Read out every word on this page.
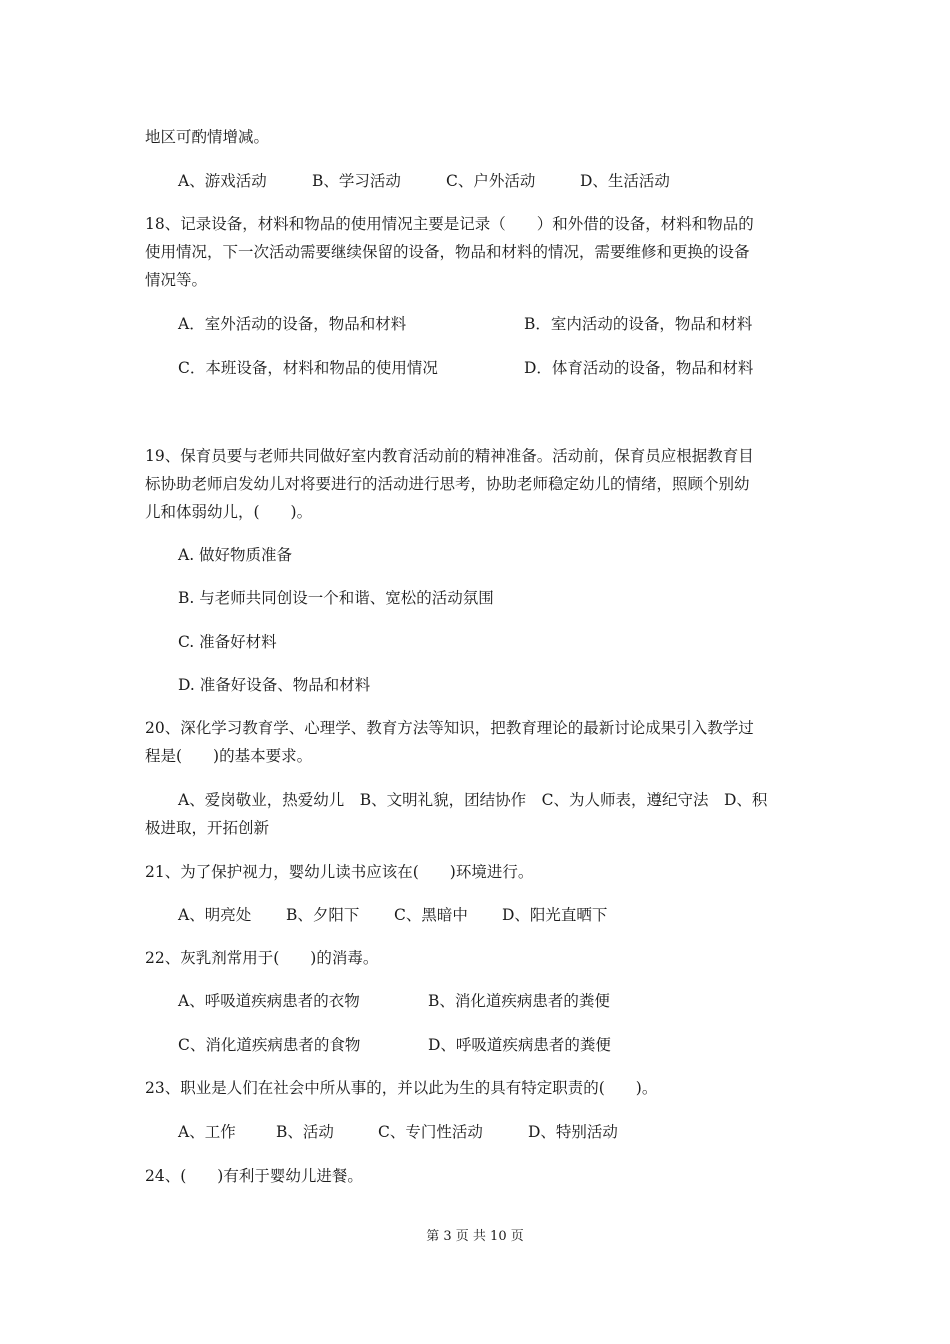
地区可酌情增减。
A、游戏活动	B、学习活动	C、户外活动	D、生活活动
18、记录设备，材料和物品的使用情况主要是记录（　　）和外借的设备，材料和物品的
使用情况，下一次活动需要继续保留的设备，物品和材料的情况，需要维修和更换的设备
情况等。
A．室外活动的设备，物品和材料	B．室内活动的设备，物品和材料
C．本班设备，材料和物品的使用情况	D．体育活动的设备，物品和材料
19、保育员要与老师共同做好室内教育活动前的精神准备。活动前，保育员应根据教育目
标协助老师启发幼儿对将要进行的活动进行思考，协助老师稳定幼儿的情绪，照顾个别幼
儿和体弱幼儿，(　　)。
A. 做好物质准备
B. 与老师共同创设一个和谐、宽松的活动氛围
C. 准备好材料
D. 准备好设备、物品和材料
20、深化学习教育学、心理学、教育方法等知识，把教育理论的最新讨论成果引入教学过
程是(　　)的基本要求。
A、爱岗敬业，热爱幼儿　B、文明礼貌，团结协作　C、为人师表，遵纪守法　D、积
极进取，开拓创新
21、为了保护视力，婴幼儿读书应该在(　　)环境进行。
A、明亮处 B、夕阳下 C、黑暗中 D、阳光直晒下
22、灰乳剂常用于(　　)的消毒。
A、呼吸道疾病患者的衣物	B、消化道疾病患者的粪便
C、消化道疾病患者的食物	D、呼吸道疾病患者的粪便
23、职业是人们在社会中所从事的，并以此为生的具有特定职责的(　　)。
A、工作	B、活动	C、专门性活动	D、特别活动
24、(　　)有利于婴幼儿进餐。
第 3 页 共 10 页
